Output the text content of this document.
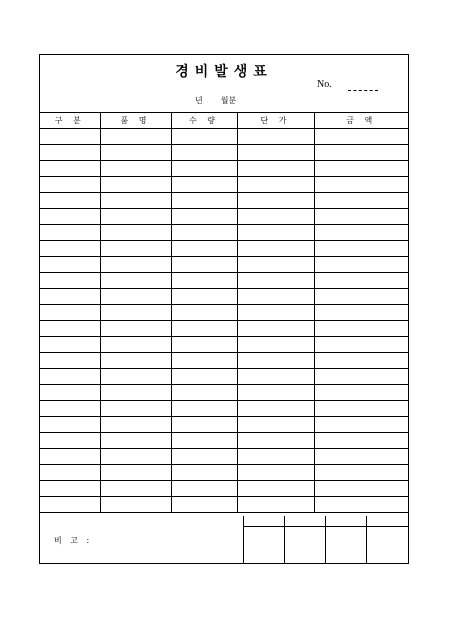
경비발생표
No.
년 월분
구 분	품 명	수 량	단 가	금 액

비 고 :
